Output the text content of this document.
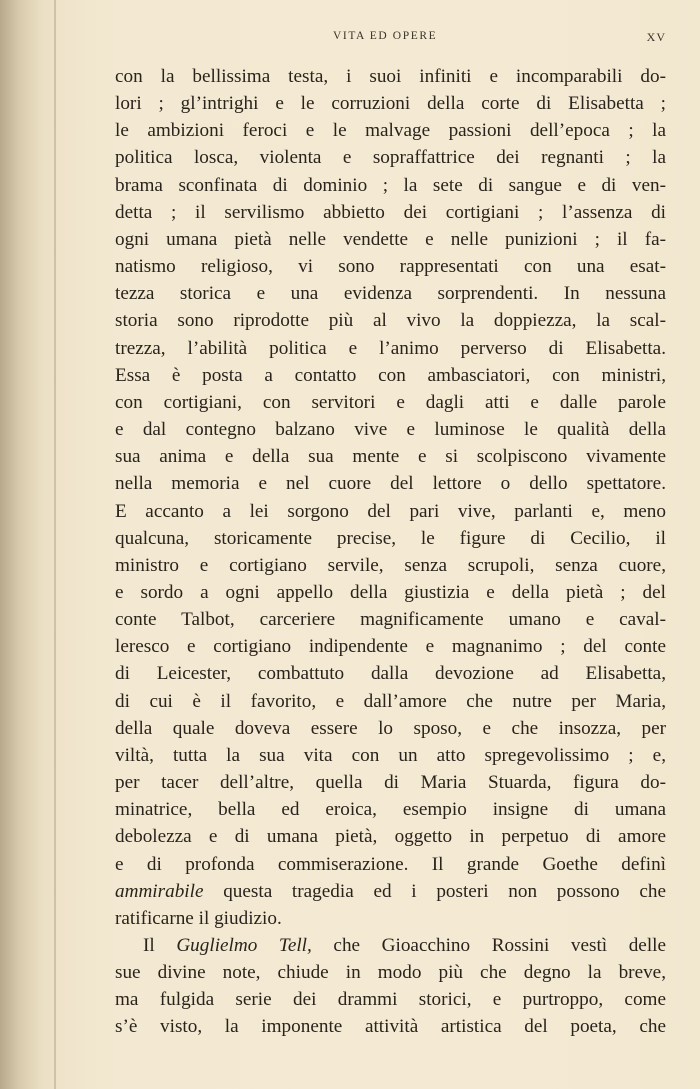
VITA ED OPERE	XV
con la bellissima testa, i suoi infiniti e incomparabili do-
lori ; gl’intrighi e le corruzioni della corte di Elisabetta ;
le ambizioni feroci e le malvage passioni dell’epoca ; la
politica losca, violenta e sopraffattrice dei regnanti ; la
brama sconfinata di dominio ; la sete di sangue e di ven-
detta ; il servilismo abbietto dei cortigiani ; l’assenza di
ogni umana pietà nelle vendette e nelle punizioni ; il fa-
natismo religioso, vi sono rappresentati con una esat-
tezza storica e una evidenza sorprendenti. In nessuna
storia sono riprodotte più al vivo la doppiezza, la scal-
trezza, l’abilità politica e l’animo perverso di Elisabetta.
Essa è posta a contatto con ambasciatori, con ministri,
con cortigiani, con servitori e dagli atti e dalle parole
e dal contegno balzano vive e luminose le qualità della
sua anima e della sua mente e si scolpiscono vivamente
nella memoria e nel cuore del lettore o dello spettatore.
E accanto a lei sorgono del pari vive, parlanti e, meno
qualcuna, storicamente precise, le figure di Cecilio, il
ministro e cortigiano servile, senza scrupoli, senza cuore,
e sordo a ogni appello della giustizia e della pietà ; del
conte Talbot, carceriere magnificamente umano e caval-
leresco e cortigiano indipendente e magnanimo ; del conte
di Leicester, combattuto dalla devozione ad Elisabetta,
di cui è il favorito, e dall’amore che nutre per Maria,
della quale doveva essere lo sposo, e che insozza, per
viltà, tutta la sua vita con un atto spregevolissimo ; e,
per tacer dell’altre, quella di Maria Stuarda, figura do-
minatrice, bella ed eroica, esempio insigne di umana
debolezza e di umana pietà, oggetto in perpetuo di amore
e di profonda commiserazione. Il grande Goethe definì
ammirabile questa tragedia ed i posteri non possono che
ratificarne il giudizio.
Il Guglielmo Tell, che Gioacchino Rossini vestì delle
sue divine note, chiude in modo più che degno la breve,
ma fulgida serie dei drammi storici, e purtroppo, come
s’è visto, la imponente attività artistica del poeta, che
